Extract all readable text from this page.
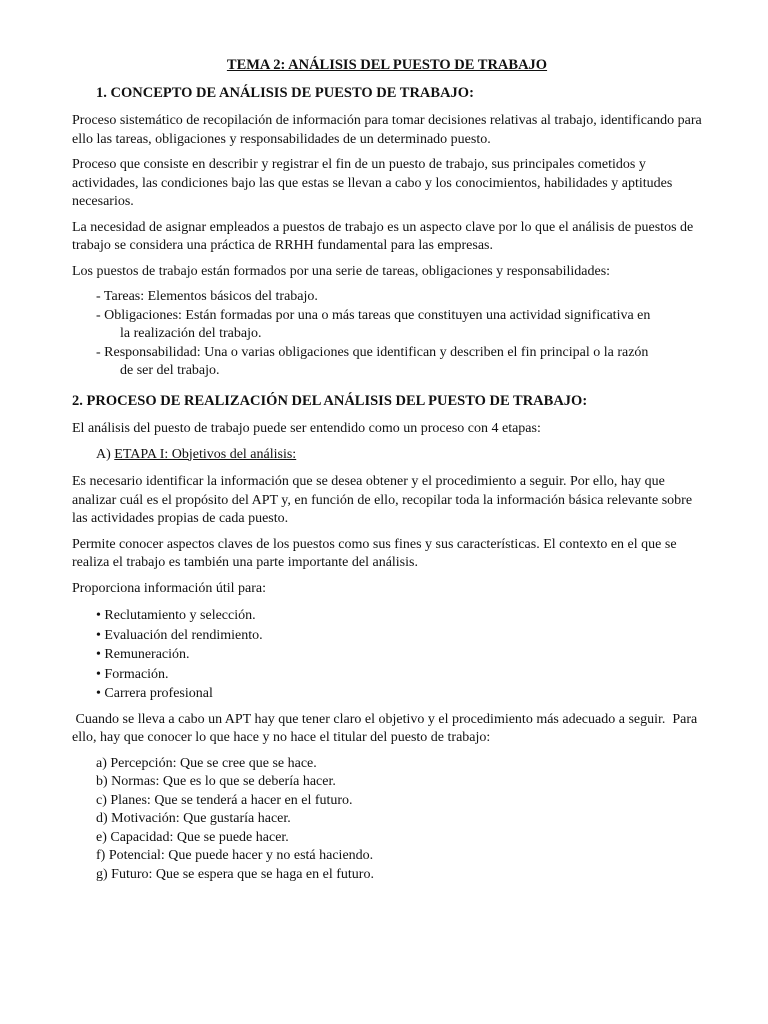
TEMA 2: ANÁLISIS DEL PUESTO DE TRABAJO
1. CONCEPTO DE ANÁLISIS DE PUESTO DE TRABAJO:

Proceso sistemático de recopilación de información para tomar decisiones relativas al trabajo, identificando para ello las tareas, obligaciones y responsabilidades de un determinado puesto.

Proceso que consiste en describir y registrar el fin de un puesto de trabajo, sus principales cometidos y actividades, las condiciones bajo las que estas se llevan a cabo y los conocimientos, habilidades y aptitudes necesarios.

La necesidad de asignar empleados a puestos de trabajo es un aspecto clave por lo que el análisis de puestos de trabajo se considera una práctica de RRHH fundamental para las empresas.

Los puestos de trabajo están formados por una serie de tareas, obligaciones y responsabilidades:

- Tareas: Elementos básicos del trabajo.
- Obligaciones: Están formadas por una o más tareas que constituyen una actividad significativa en
la realización del trabajo.
- Responsabilidad: Una o varias obligaciones que identifican y describen el fin principal o la razón
de ser del trabajo.
2. PROCESO DE REALIZACIÓN DEL ANÁLISIS DEL PUESTO DE TRABAJO:

El análisis del puesto de trabajo puede ser entendido como un proceso con 4 etapas:

A) ETAPA I: Objetivos del análisis:

Es necesario identificar la información que se desea obtener y el procedimiento a seguir. Por ello, hay que analizar cuál es el propósito del APT y, en función de ello, recopilar toda la información básica relevante sobre las actividades propias de cada puesto.

Permite conocer aspectos claves de los puestos como sus fines y sus características. El contexto en el que se realiza el trabajo es también una parte importante del análisis.

Proporciona información útil para:

• Reclutamiento y selección.
• Evaluación del rendimiento.
• Remuneración.
• Formación.
• Carrera profesional

Cuando se lleva a cabo un APT hay que tener claro el objetivo y el procedimiento más adecuado a seguir.  Para ello, hay que conocer lo que hace y no hace el titular del puesto de trabajo:

a) Percepción: Que se cree que se hace.
b) Normas: Que es lo que se debería hacer.
c) Planes: Que se tenderá a hacer en el futuro.
d) Motivación: Que gustaría hacer.
e) Capacidad: Que se puede hacer.
f) Potencial: Que puede hacer y no está haciendo.
g) Futuro: Que se espera que se haga en el futuro.
